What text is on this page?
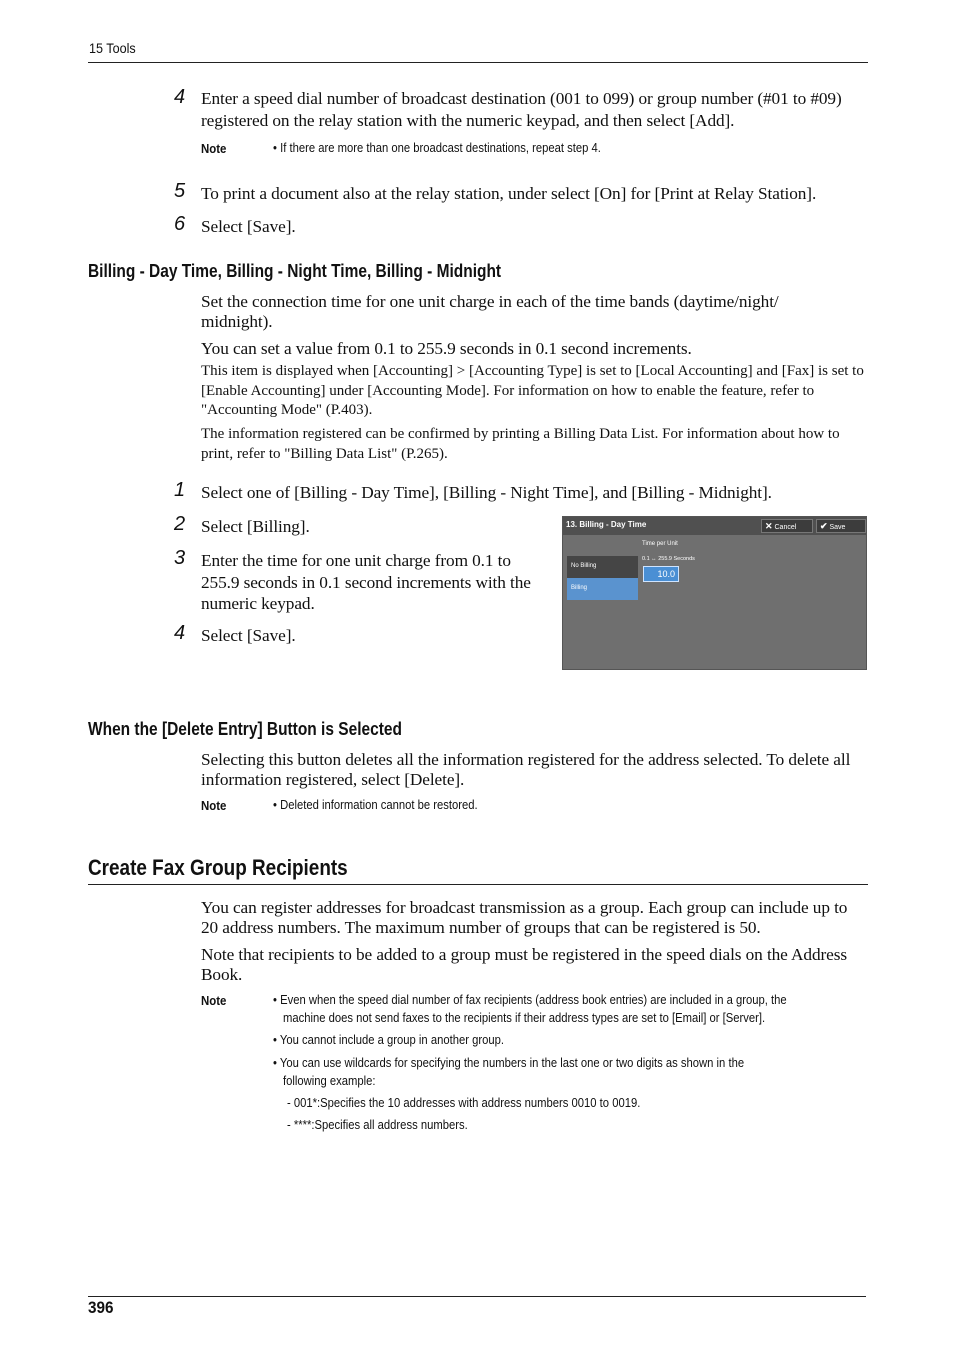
15 Tools
4 Enter a speed dial number of broadcast destination (001 to 099) or group number (#01 to #09) registered on the relay station with the numeric keypad, and then select [Add].
Note	• If there are more than one broadcast destinations, repeat step 4.
5 To print a document also at the relay station, under select [On] for [Print at Relay Station].
6 Select [Save].
Billing - Day Time, Billing - Night Time, Billing - Midnight
Set the connection time for one unit charge in each of the time bands (daytime/night/ midnight).
You can set a value from 0.1 to 255.9 seconds in 0.1 second increments.
This item is displayed when [Accounting] > [Accounting Type] is set to [Local Accounting] and [Fax] is set to [Enable Accounting] under [Accounting Mode]. For information on how to enable the feature, refer to "Accounting Mode" (P.403).
The information registered can be confirmed by printing a Billing Data List. For information about how to print, refer to "Billing Data List" (P.265).
1 Select one of [Billing - Day Time], [Billing - Night Time], and [Billing - Midnight].
2 Select [Billing].
3 Enter the time for one unit charge from 0.1 to 255.9 seconds in 0.1 second increments with the numeric keypad.
4 Select [Save].
13. Billing - Day Time	✕ Cancel	✔ Save
No Billing
Billing
Time per Unit
0.1 ↔ 255.9 Seconds
10.0
When the [Delete Entry] Button is Selected
Selecting this button deletes all the information registered for the address selected. To delete all information registered, select [Delete].
Note	• Deleted information cannot be restored.
Create Fax Group Recipients
You can register addresses for broadcast transmission as a group. Each group can include up to 20 address numbers. The maximum number of groups that can be registered is 50.
Note that recipients to be added to a group must be registered in the speed dials on the Address Book.
Note	• Even when the speed dial number of fax recipients (address book entries) are included in a group, the
machine does not send faxes to the recipients if their address types are set to [Email] or [Server].
• You cannot include a group in another group.
• You can use wildcards for specifying the numbers in the last one or two digits as shown in the
following example:
- 001*:Specifies the 10 addresses with address numbers 0010 to 0019.
- ****:Specifies all address numbers.
396
